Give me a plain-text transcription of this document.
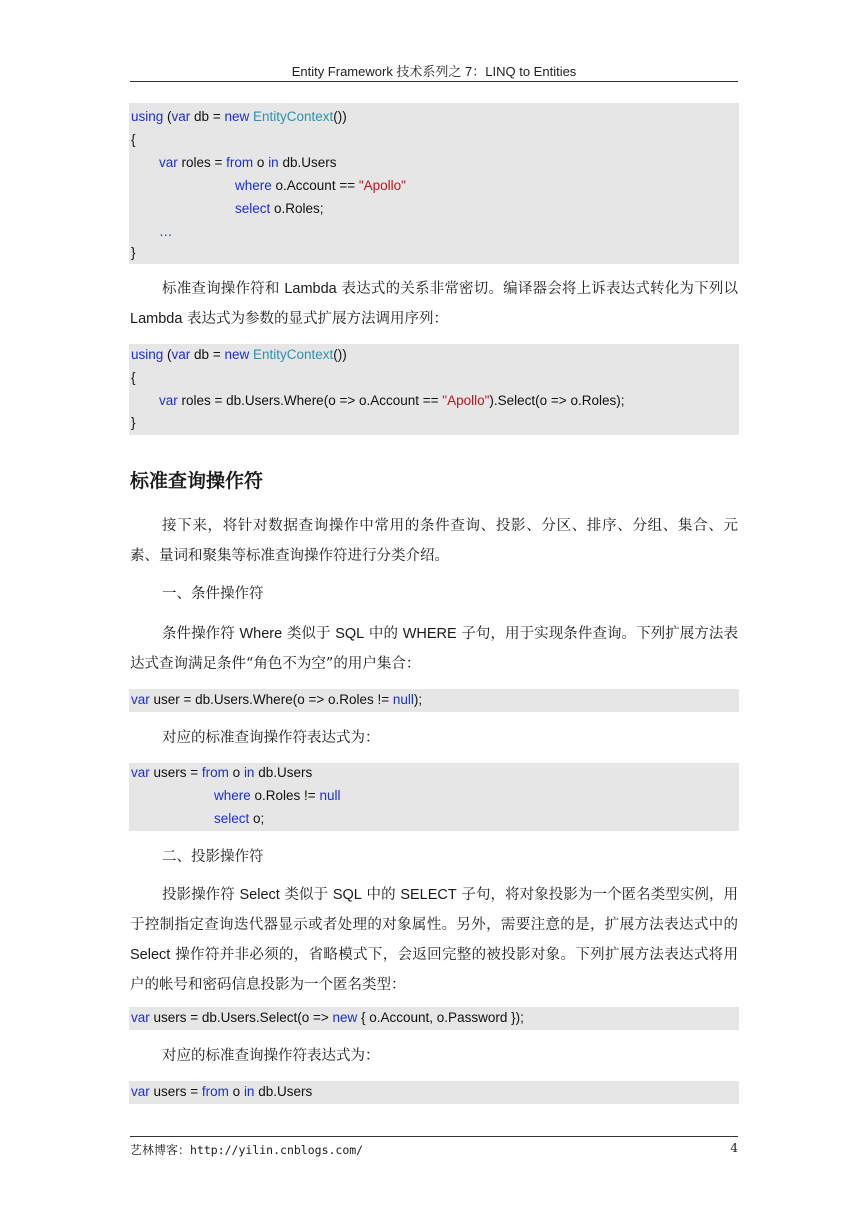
Entity Framework 技术系列之 7：LINQ to Entities
using (var db = new EntityContext())
{
var roles = from o in db.Users
where o.Account == "Apollo"
select o.Roles;
…
}

标准查询操作符和 Lambda 表达式的关系非常密切。编译器会将上诉表达式转化为下列以 Lambda 表达式为参数的显式扩展方法调用序列：

using (var db = new EntityContext())
{
var roles = db.Users.Where(o => o.Account == "Apollo").Select(o => o.Roles);
}
标准查询操作符

接下来，将针对数据查询操作中常用的条件查询、投影、分区、排序、分组、集合、元素、量词和聚集等标准查询操作符进行分类介绍。

一、条件操作符

条件操作符 Where 类似于 SQL 中的 WHERE 子句，用于实现条件查询。下列扩展方法表达式查询满足条件“角色不为空”的用户集合：

var user = db.Users.Where(o => o.Roles != null);

对应的标准查询操作符表达式为：

var users = from o in db.Users
where o.Roles != null
select o;
二、投影操作符

投影操作符 Select 类似于 SQL 中的 SELECT 子句，将对象投影为一个匿名类型实例，用于控制指定查询迭代器显示或者处理的对象属性。另外，需要注意的是，扩展方法表达式中的 Select 操作符并非必须的，省略模式下，会返回完整的被投影对象。下列扩展方法表达式将用户的帐号和密码信息投影为一个匿名类型：

var users = db.Users.Select(o => new { o.Account, o.Password });

对应的标准查询操作符表达式为：

var users = from o in db.Users
艺林博客：http://yilin.cnblogs.com/	4
